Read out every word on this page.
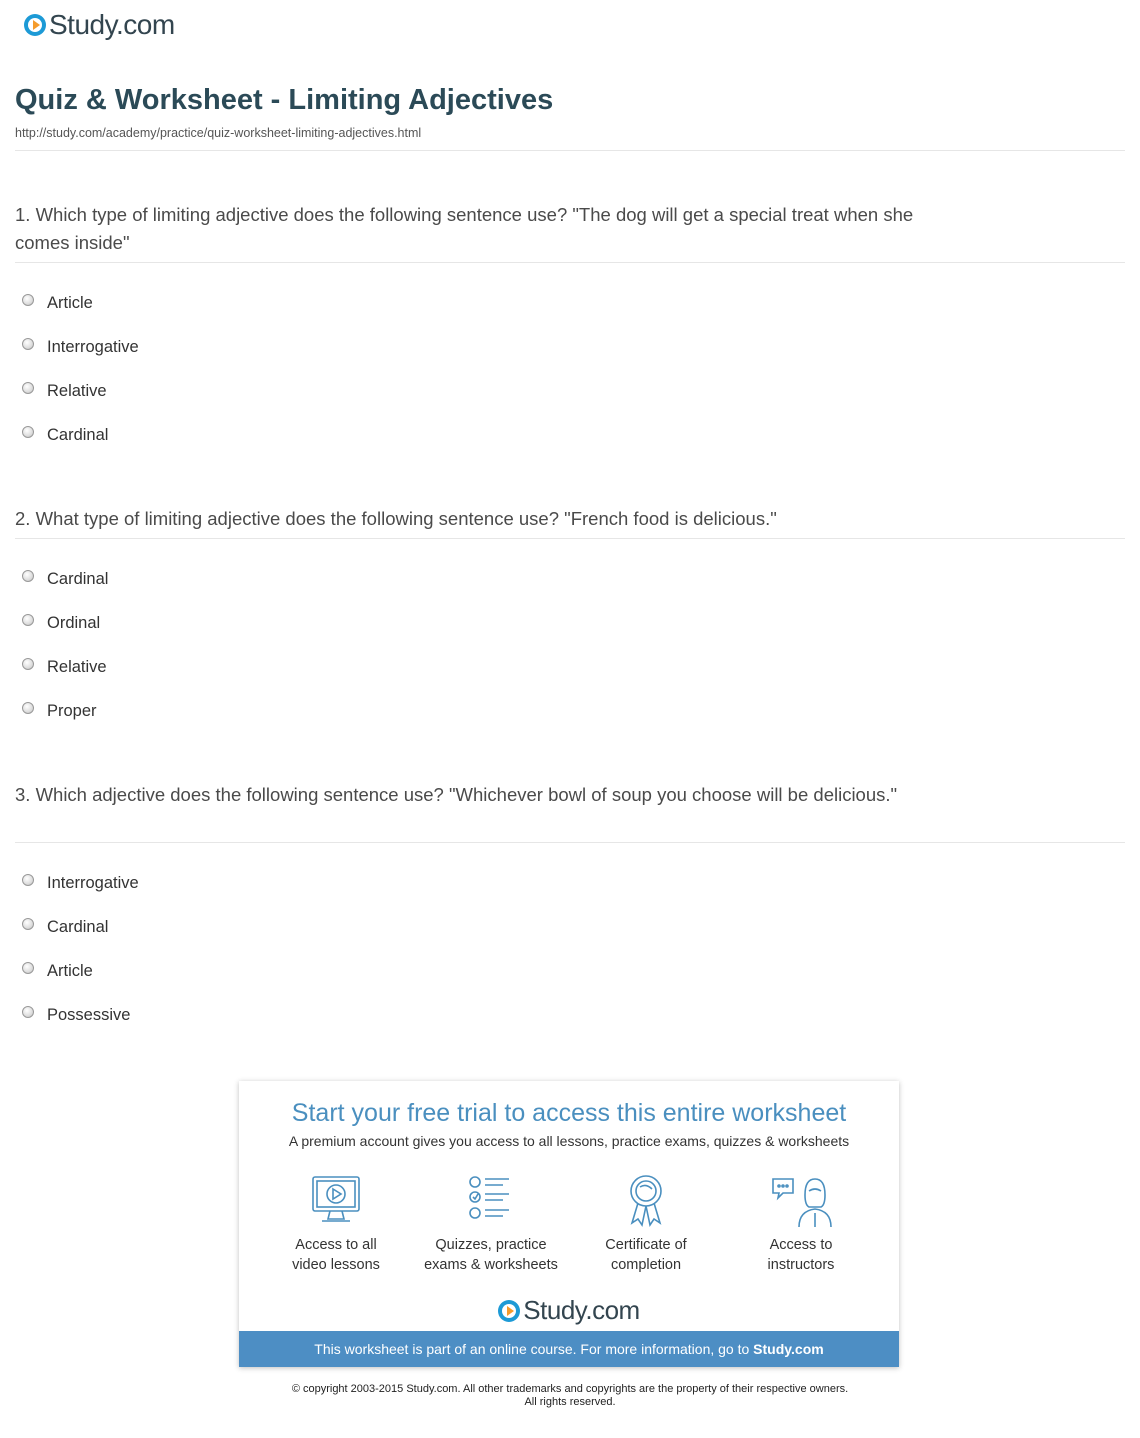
Study.com
Quiz & Worksheet - Limiting Adjectives
http://study.com/academy/practice/quiz-worksheet-limiting-adjectives.html
1. Which type of limiting adjective does the following sentence use? "The dog will get a special treat when she comes inside"
Article
Interrogative
Relative
Cardinal
2. What type of limiting adjective does the following sentence use? "French food is delicious."
Cardinal
Ordinal
Relative
Proper
3. Which adjective does the following sentence use? "Whichever bowl of soup you choose will be delicious."
Interrogative
Cardinal
Article
Possessive
Start your free trial to access this entire worksheet
A premium account gives you access to all lessons, practice exams, quizzes & worksheets
Access to all
video lessons
Quizzes, practice
exams & worksheets
Certificate of
completion
Access to
instructors
Study.com
This worksheet is part of an online course. For more information, go to Study.com
© copyright 2003-2015 Study.com. All other trademarks and copyrights are the property of their respective owners.
All rights reserved.
